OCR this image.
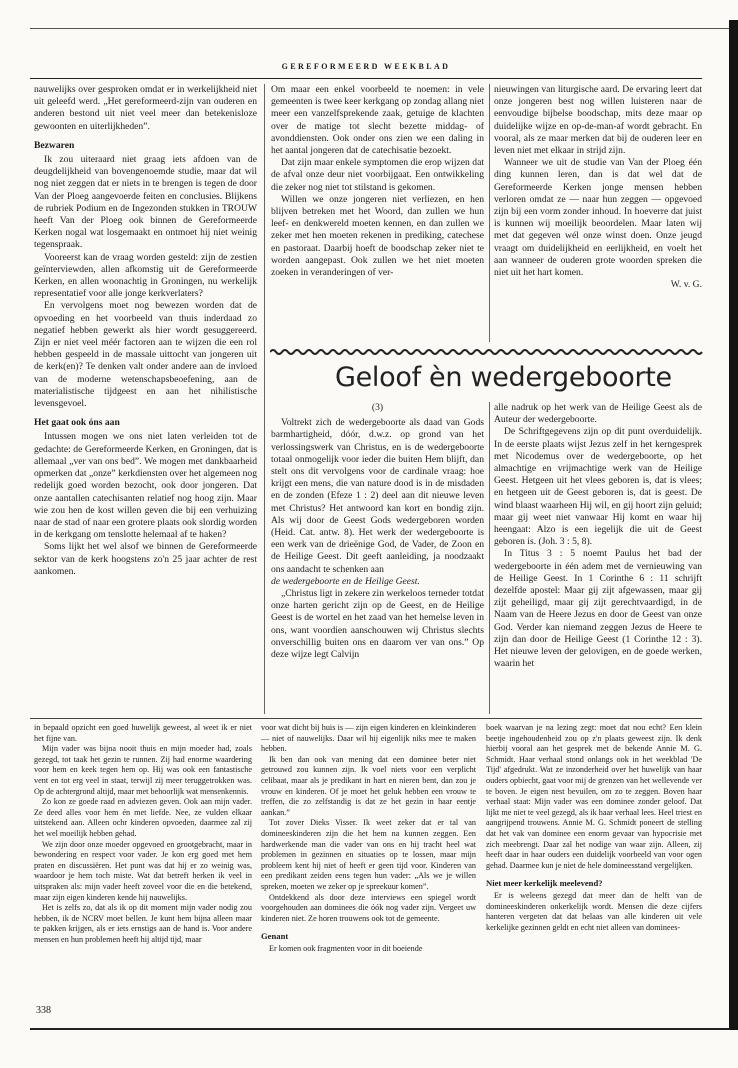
GEREFORMEERD WEEKBLAD

nauwelijks over gesproken omdat er in werkelijkheid niet uit geleefd werd. „Het gereformeerd-zijn van ouderen en anderen bestond uit niet veel meer dan betekenisloze gewoonten en uiterlijkheden”.

Bezwaren

Ik zou uiteraard niet graag iets afdoen van de deugdelijkheid van bovengenoemde studie, maar dat wil nog niet zeggen dat er niets in te brengen is tegen de door Van der Ploeg aangevoerde feiten en conclusies. Blijkens de rubriek Podium en de Ingezonden stukken in TROUW heeft Van der Ploeg ook binnen de Gereformeerde Kerken nogal wat losgemaakt en ontmoet hij niet weinig tegenspraak.

Vooreerst kan de vraag worden gesteld: zijn de zestien geïnterviewden, allen afkomstig uit de Gereformeerde Kerken, en allen woonachtig in Groningen, nu werkelijk representatief voor alle jonge kerkverlaters?

En vervolgens moet nog bewezen worden dat de opvoeding en het voorbeeld van thuis inderdaad zo negatief hebben gewerkt als hier wordt gesuggereerd. Zijn er niet veel méér factoren aan te wijzen die een rol hebben gespeeld in de massale uittocht van jongeren uit de kerk(en)? Te denken valt onder andere aan de invloed van de moderne wetenschapsbeoefening, aan de materialistische tijdgeest en aan het nihilistische levensgevoel.

Het gaat ook óns aan

Intussen mogen we ons niet laten verleiden tot de gedachte: de Gereformeerde Kerken, en Groningen, dat is allemaal „ver van ons bed”. We mogen met dankbaarheid opmerken dat „onze” kerkdiensten over het algemeen nog redelijk goed worden bezocht, ook door jongeren. Dat onze aantallen catechisanten relatief nog hoog zijn. Maar wie zou hen de kost willen geven die bij een verhuizing naar de stad of naar een grotere plaats ook slordig worden in de kerkgang om tenslotte helemaal af te haken?

Soms lijkt het wel alsof we binnen de Gereformeerde sektor van de kerk hoogstens zo'n 25 jaar achter de rest aankomen.

Om maar een enkel voorbeeld te noemen: in vele gemeenten is twee keer kerkgang op zondag allang niet meer een vanzelfsprekende zaak, getuige de klachten over de matige tot slecht bezette middag- of avonddiensten. Ook onder ons zien we een daling in het aantal jongeren dat de catechisatie bezoekt.

Dat zijn maar enkele symptomen die erop wijzen dat de afval onze deur niet voorbijgaat. Een ontwikkeling die zeker nog niet tot stilstand is gekomen.

Willen we onze jongeren niet verliezen, en hen blijven betreken met het Woord, dan zullen we hun leef- en denkwereld moeten kennen, en dan zullen we zeker met hen moeten rekenen in prediking, catechese en pastoraat. Daarbij hoeft de boodschap zeker niet te worden aangepast. Ook zullen we het niet moeten zoeken in veranderingen of ver-

nieuwingen van liturgische aard. De ervaring leert dat onze jongeren best nog willen luisteren naar de eenvoudige bijbelse boodschap, mits deze maar op duidelijke wijze en op-de-man-af wordt gebracht. En vooral, als ze maar merken dat bij de ouderen leer en leven niet met elkaar in strijd zijn.

Wanneer we uit de studie van Van der Ploeg één ding kunnen leren, dan is dat wel dat de Gereformeerde Kerken jonge mensen hebben verloren omdat ze — naar hun zeggen — opgevoed zijn bij een vorm zonder inhoud. In hoeverre dat juist is kunnen wij moeilijk beoordelen. Maar laten wij met dat gegeven wél onze winst doen. Onze jeugd vraagt om duidelijkheid en eerlijkheid, en voelt het aan wanneer de ouderen grote woorden spreken die niet uit het hart komen.

W. v. G.
Geloof èn wedergeboorte
(3)

Voltrekt zich de wedergeboorte als daad van Gods barmhartigheid, dóór, d.w.z. op grond van het verlossingswerk van Christus, en is de wedergeboorte totaal onmogelijk voor ieder die buiten Hem blijft, dan stelt ons dit vervolgens voor de cardinale vraag: hoe krijgt een mens, die van nature dood is in de misdaden en de zonden (Efeze 1 : 2) deel aan dit nieuwe leven met Christus? Het antwoord kan kort en bondig zijn. Als wij door de Geest Gods wedergeboren worden (Heid. Cat. antw. 8). Het werk der wedergeboorte is een werk van de drieënige God, de Vader, de Zoon en de Heilige Geest. Dit geeft aanleiding, ja noodzaakt ons aandacht te schenken aan

de wedergeboorte en de Heilige Geest.

„Christus ligt in zekere zin werkeloos terneder totdat onze harten gericht zijn op de Geest, en de Heilige Geest is de wortel en het zaad van het hemelse leven in ons, want voordien aanschouwen wij Christus slechts onverschillig buiten ons en daarom ver van ons.” Op deze wijze legt Calvijn

alle nadruk op het werk van de Heilige Geest als de Auteur der wedergeboorte.

De Schriftgegevens zijn op dit punt overduidelijk. In de eerste plaats wijst Jezus zelf in het kerngesprek met Nicodemus over de wedergeboorte, op het almachtige en vrijmachtige werk van de Heilige Geest. Hetgeen uit het vlees geboren is, dat is vlees; en hetgeen uit de Geest geboren is, dat is geest. De wind blaast waarheen Hij wil, en gij hoort zijn geluid; maar gij weet niet vanwaar Hij komt en waar hij heengaat: Alzo is een iegelijk die uit de Geest geboren is. (Joh. 3 : 5, 8).

In Titus 3 : 5 noemt Paulus het bad der wedergeboorte in één adem met de vernieuwing van de Heilige Geest. In 1 Corinthe 6 : 11 schrijft dezelfde apostel: Maar gij zijt afgewassen, maar gij zijt geheiligd, maar gij zijt gerechtvaardigd, in de Naam van de Heere Jezus en door de Geest van onze God. Verder kan niemand zeggen Jezus de Heere te zijn dan door de Heilige Geest (1 Corinthe 12 : 3). Het nieuwe leven der gelovigen, en de goede werken, waarin het

in bepaald opzicht een goed huwelijk geweest, al weet ik er niet het fijne van.

Mijn vader was bijna nooit thuis en mijn moeder had, zoals gezegd, tot taak het gezin te runnen. Zij had enorme waardering voor hem en keek tegen hem op. Hij was ook een fantastische vent en tot erg veel in staat, terwijl zij meer teruggetrokken was. Op de achtergrond altijd, maar met behoorlijk wat mensenkennis.

Zo kon ze goede raad en adviezen geven. Ook aan mijn vader. Ze deed alles voor hem én met liefde. Nee, ze vulden elkaar uitstekend aan. Alleen ochr kinderen opvoeden, daarmee zal zij het wel moeilijk hebben gehad.

We zijn door onze moeder opgevoed en grootgebracht, maar in bewondering en respect voor vader. Je kon erg goed met hem praten en discussiëren. Het punt was dat hij er zo weinig was, waardoor je hem toch miste. Wat dat betreft herken ik veel in uitspraken als: mijn vader heeft zoveel voor die en die betekend, maar zijn eigen kinderen kende hij nauwelijks.

Het is zelfs zo, dat als ik op dit moment mijn vader nodig zou hebben, ik de NCRV moet bellen. Je kunt hem bijna alleen maar te pakken krijgen, als er iets ernstigs aan de hand is. Voor andere mensen en hun problemen heeft hij altijd tijd, maar

voor wat dicht bij huis is — zijn eigen kinderen en kleinkinderen — niet of nauwelijks. Daar wil hij eigenlijk niks mee te maken hebben.

Ik ben dan ook van mening dat een dominee beter niet getrouwd zou kunnen zijn. Ik voel niets voor een verplicht celibaat, maar als je predikant in hart en nieren bent, dan zou je vrouw en kinderen. Of je moet het geluk hebben een vrouw te treffen, die zo zelfstandig is dat ze het gezin in haar eentje aankan.”

Tot zover Dieks Visser. Ik weet zeker dat er tal van domineeskinderen zijn die het hem na kunnen zeggen. Een hardwerkende man die vader van ons en hij tracht heel wat problemen in gezinnen en situaties op te lossen, maar mijn probleem kent hij niet of heeft er geen tijd voor. Kinderen van een predikant zeiden eens tegen hun vader: „Als we je willen spreken, moeten we zeker op je spreekuur komen”.

Ontdekkend als door deze interviews een spiegel wordt voorgehouden aan dominees die óók nog vader zijn. Vergeet uw kinderen niet. Ze horen trouwens ook tot de gemeente.

Genant

Er komen ook fragmenten voor in dit boeiende

boek waarvan je na lezing zegt: moet dat nou echt? Een klein beetje ingehoudenheid zou op z'n plaats geweest zijn. Ik denk hierbij vooral aan het gesprek met de bekende Annie M. G. Schmidt. Haar verhaal stond onlangs ook in het weekblad 'De Tijd' afgedrukt. Wat ze inzonderheid over het huwelijk van haar ouders opbiecht, gaat voor mij de grenzen van het wellevende ver te boven. Je eigen nest bevuilen, om zo te zeggen. Boven haar verhaal staat: Mijn vader was een dominee zonder geloof. Dat lijkt me niet te veel gezegd, als ik haar verhaal lees. Heel triest en aangrijpend trouwens. Annie M. G. Schmidt poneert de stelling dat het vak van dominee een enorm gevaar van hypocrisie met zich meebrengt. Daar zal het nodige van waar zijn. Alleen, zij heeft daar in haar ouders een duidelijk voorbeeld van voor ogen gehad. Daarmee kun je niet de hele domineesstand vergelijken.

Niet meer kerkelijk meelevend?

Er is weleens gezegd dat meer dan de helft van de domineeskinderen onkerkelijk wordt. Mensen die deze cijfers hanteren vergeten dat dat helaas van alle kinderen uit vele kerkelijke gezinnen geldt en echt niet alleen van dominees-

338
